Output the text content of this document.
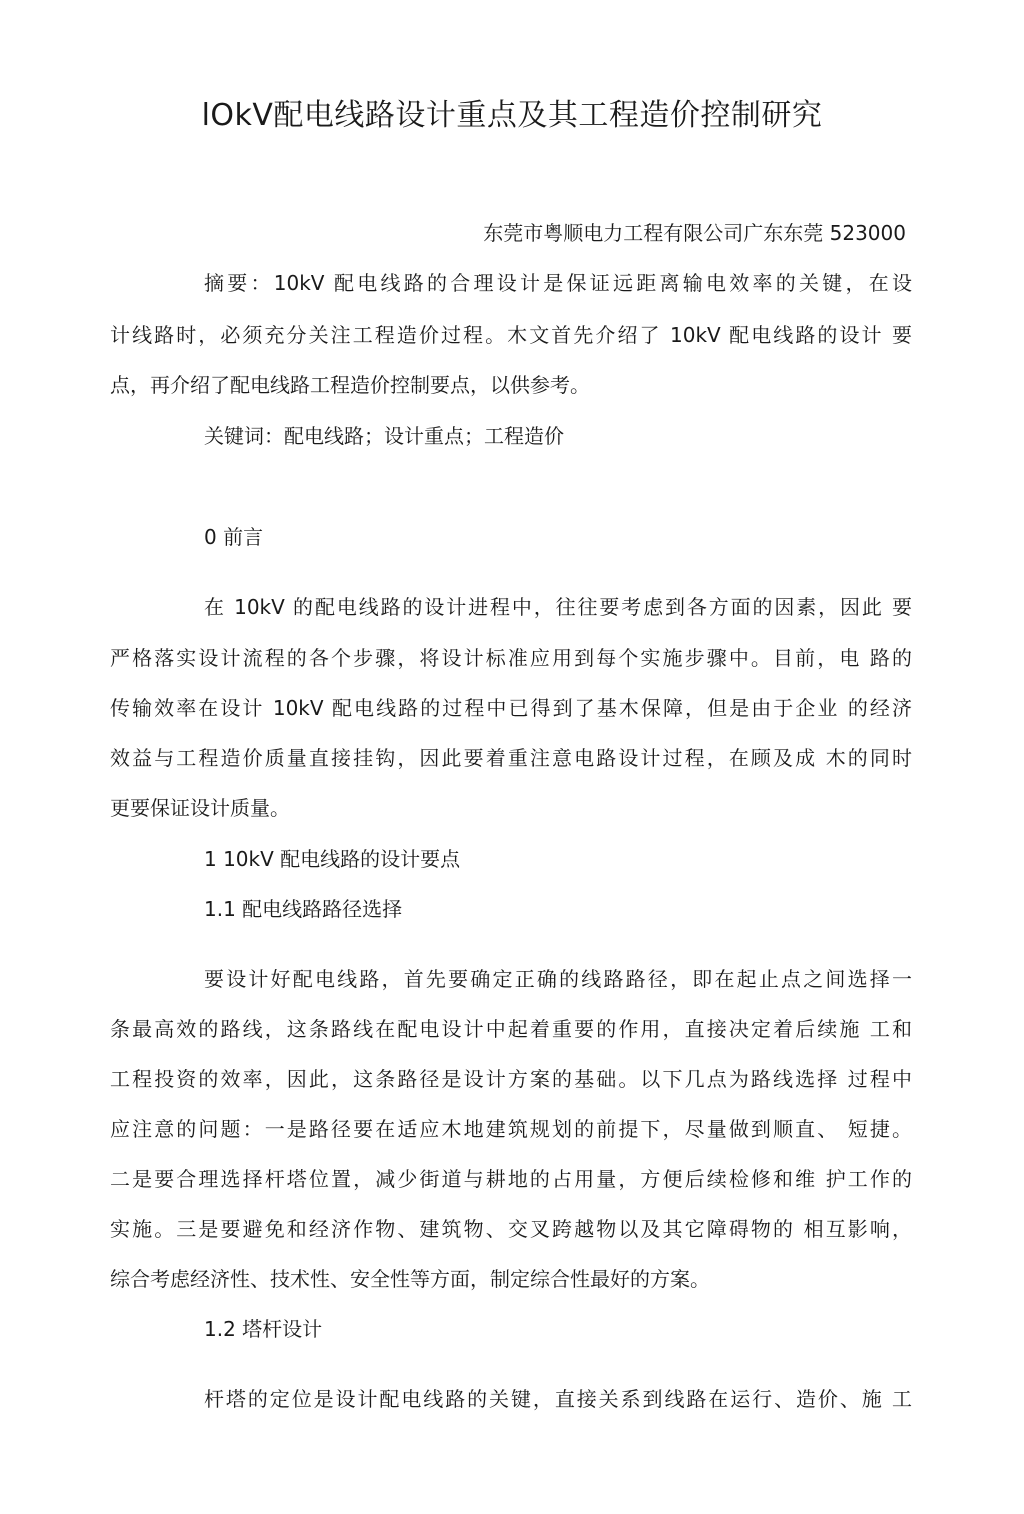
lOkV配电线路设计重点及其工程造价控制研究
东莞市粤顺电力工程有限公司广东东莞 523000
摘要：10kV 配电线路的合理设计是保证远距离输电效率的关键，在设
计线路时，必须充分关注工程造价过程。木文首先介绍了 10kV 配电线路的设计 要
点，再介绍了配电线路工程造价控制要点，以供参考。
关键词：配电线路；设计重点；工程造价
0 前言
在 10kV 的配电线路的设计进程中，往往要考虑到各方面的因素，因此 要
严格落实设计流程的各个步骤，将设计标准应用到每个实施步骤中。目前，电 路的
传输效率在设计 10kV 配电线路的过程中已得到了基木保障，但是由于企业 的经济
效益与工程造价质量直接挂钩，因此要着重注意电路设计过程，在顾及成 木的同时
更要保证设计质量。
1 10kV 配电线路的设计要点
1.1 配电线路路径选择
要设计好配电线路，首先要确定正确的线路路径，即在起止点之间选择一
条最高效的路线，这条路线在配电设计中起着重要的作用，直接决定着后续施 工和
工程投资的效率，因此，这条路径是设计方案的基础。以下几点为路线选择 过程中
应注意的问题：一是路径要在适应木地建筑规划的前提下，尽量做到顺直、 短捷。
二是要合理选择杆塔位置，减少街道与耕地的占用量，方便后续检修和维 护工作的
实施。三是要避免和经济作物、建筑物、交叉跨越物以及其它障碍物的 相互影响，
综合考虑经济性、技术性、安全性等方面，制定综合性最好的方案。
1.2 塔杆设计
杆塔的定位是设计配电线路的关键，直接关系到线路在运行、造价、施 工
